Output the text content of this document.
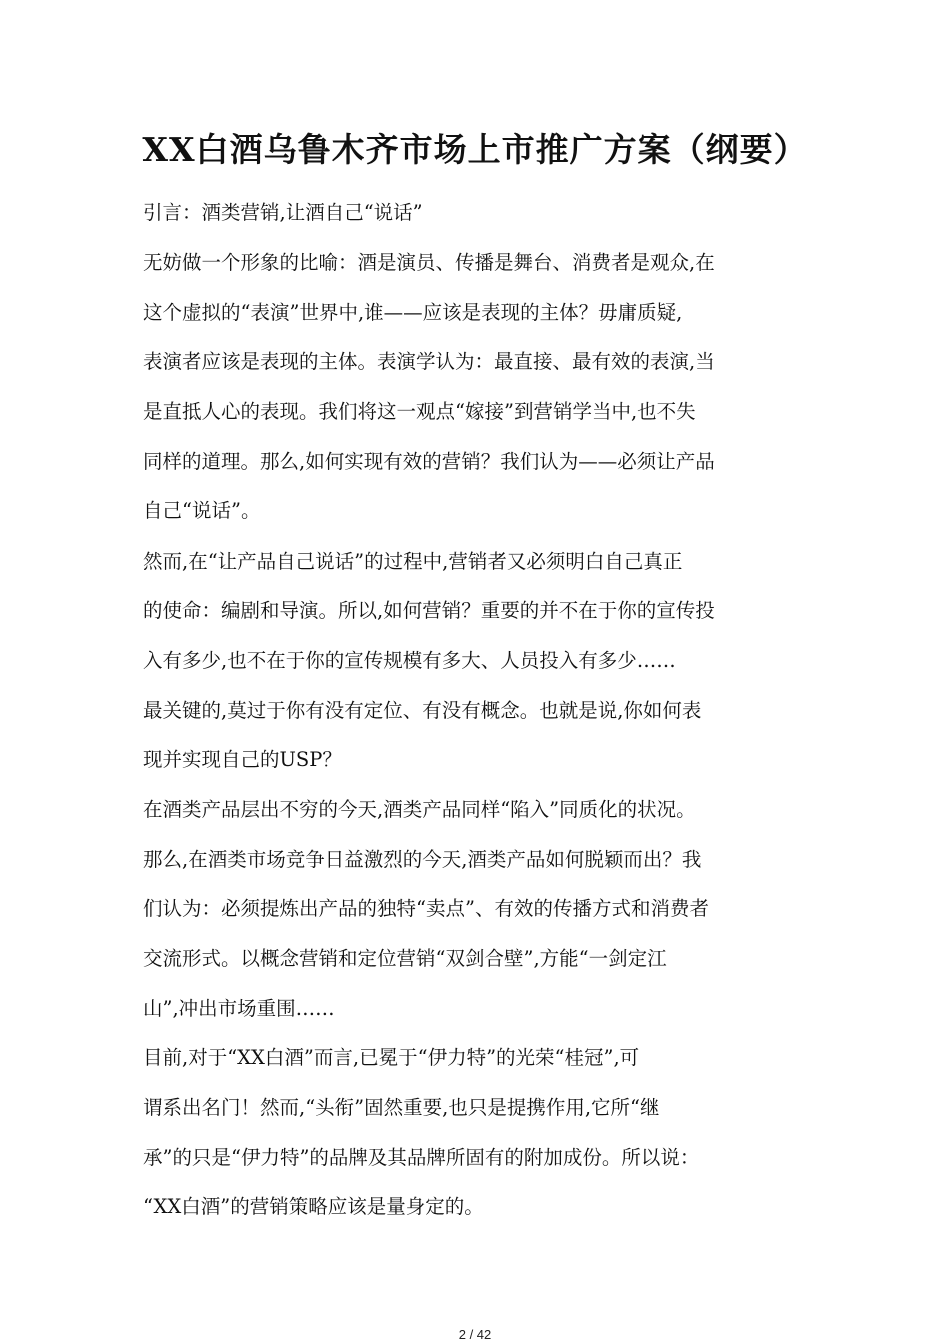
XX白酒乌鲁木齐市场上市推广方案（纲要）
引言：酒类营销,让酒自己“说话”
无妨做一个形象的比喻：酒是演员、传播是舞台、消费者是观众,在
这个虚拟的“表演”世界中,谁——应该是表现的主体？毋庸质疑,
表演者应该是表现的主体。表演学认为：最直接、最有效的表演,当
是直抵人心的表现。我们将这一观点“嫁接”到营销学当中,也不失
同样的道理。那么,如何实现有效的营销？我们认为——必须让产品
自己“说话”。
然而,在“让产品自己说话”的过程中,营销者又必须明白自己真正
的使命：编剧和导演。所以,如何营销？重要的并不在于你的宣传投
入有多少,也不在于你的宣传规模有多大、人员投入有多少……
最关键的,莫过于你有没有定位、有没有概念。也就是说,你如何表
现并实现自己的USP？
在酒类产品层出不穷的今天,酒类产品同样“陷入”同质化的状况。
那么,在酒类市场竞争日益激烈的今天,酒类产品如何脱颖而出？我
们认为：必须提炼出产品的独特“卖点”、有效的传播方式和消费者
交流形式。以概念营销和定位营销“双剑合壁”,方能“一剑定江
山”,冲出市场重围……
目前,对于“XX白酒”而言,已冕于“伊力特”的光荣“桂冠”,可
谓系出名门！然而,“头衔”固然重要,也只是提携作用,它所“继
承”的只是“伊力特”的品牌及其品牌所固有的附加成份。所以说：
“XX白酒”的营销策略应该是量身定的。
2 / 42
